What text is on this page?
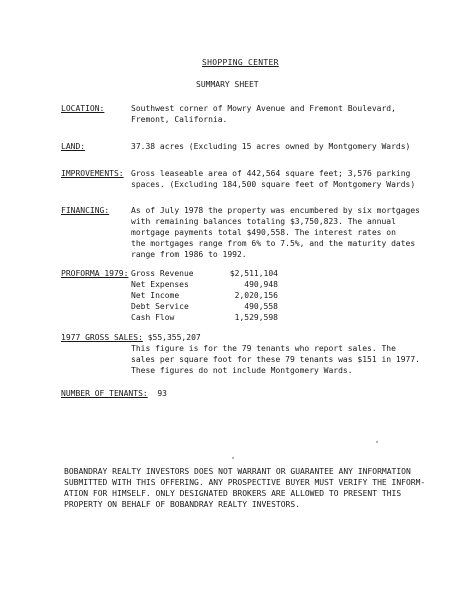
SHOPPING CENTER
SUMMARY SHEET
LOCATION:	Southwest corner of Mowry Avenue and Fremont Boulevard,
Fremont, California.
LAND:	37.38 acres (Excluding 15 acres owned by Montgomery Wards)
IMPROVEMENTS: Gross leaseable area of 442,564 square feet; 3,576 parking
spaces. (Excluding 184,500 square feet of Montgomery Wards)
FINANCING:	As of July 1978 the property was encumbered by six mortgages
with remaining balances totaling $3,750,823. The annual
mortgage payments total $490,558. The interest rates on
the mortgages range from 6% to 7.5%, and the maturity dates
range from 1986 to 1992.
PROFORMA 1979: Gross Revenue	$2,511,104
Net Expenses	490,948
Net Income	2,020,156
Debt Service	490,558
Cash Flow	1,529,598
1977 GROSS SALES: $55,355,207
This figure is for the 79 tenants who report sales. The
sales per square foot for these 79 tenants was $151 in 1977.
These figures do not include Montgomery Wards.
NUMBER OF TENANTS: 93
BOBANDRAY REALTY INVESTORS DOES NOT WARRANT OR GUARANTEE ANY INFORMATION
SUBMITTED WITH THIS OFFERING. ANY PROSPECTIVE BUYER MUST VERIFY THE INFORM-
ATION FOR HIMSELF. ONLY DESIGNATED BROKERS ARE ALLOWED TO PRESENT THIS
PROPERTY ON BEHALF OF BOBANDRAY REALTY INVESTORS.
